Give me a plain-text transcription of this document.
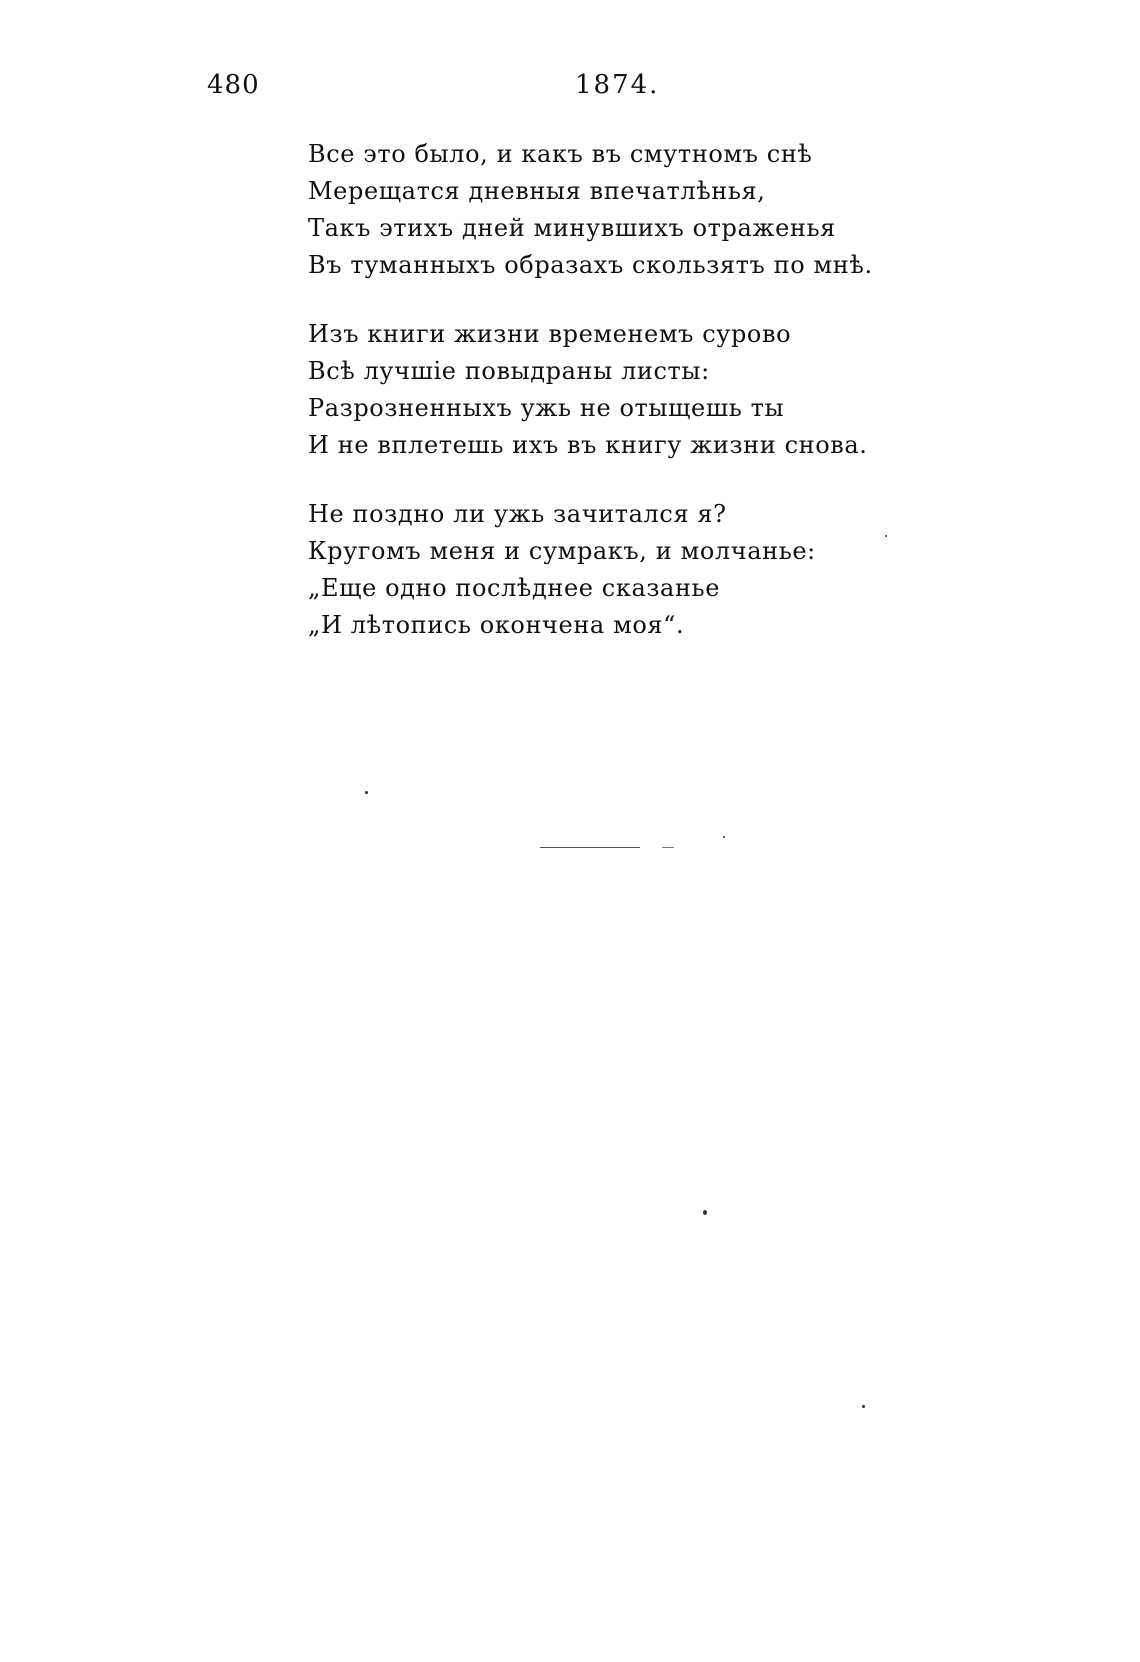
480	1874.
Все это было, и какъ въ смутномъ снѣ
Мерещатся дневныя впечатлѣнья,
Такъ этихъ дней минувшихъ отраженья
Въ туманныхъ образахъ скользятъ по мнѣ.
Изъ книги жизни временемъ сурово
Всѣ лучшіе повыдраны листы:
Разрозненныхъ ужь не отыщешь ты
И не вплетешь ихъ въ книгу жизни снова.
Не поздно ли ужь зачитался я?
Кругомъ меня и сумракъ, и молчанье:
„Еще одно послѣднее сказанье
„И лѣтопись окончена моя“.
